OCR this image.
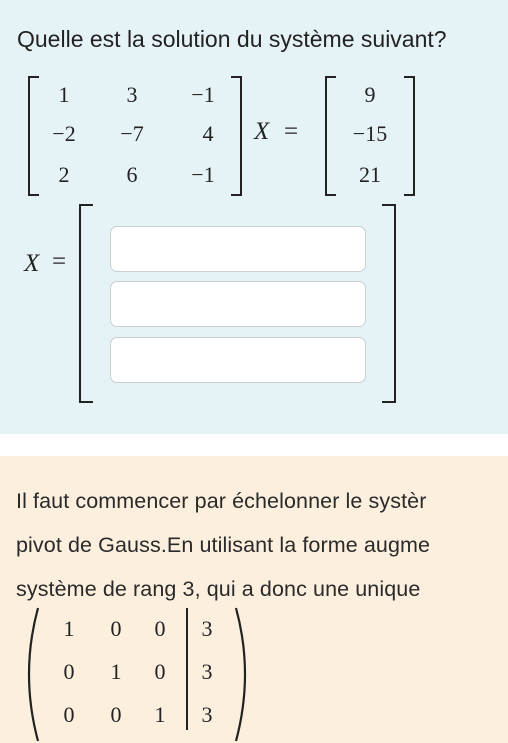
Quelle est la solution du système suivant?
1	3	−1
−2	−7	4
2	6	−1
X =
9
−15
21
X =

Il faut commencer par échelonner le systèr

pivot de Gauss.En utilisant la forme augme

système de rang 3, qui a donc une unique

1	0	0	3
0	1	0	3
0	0	1	3
